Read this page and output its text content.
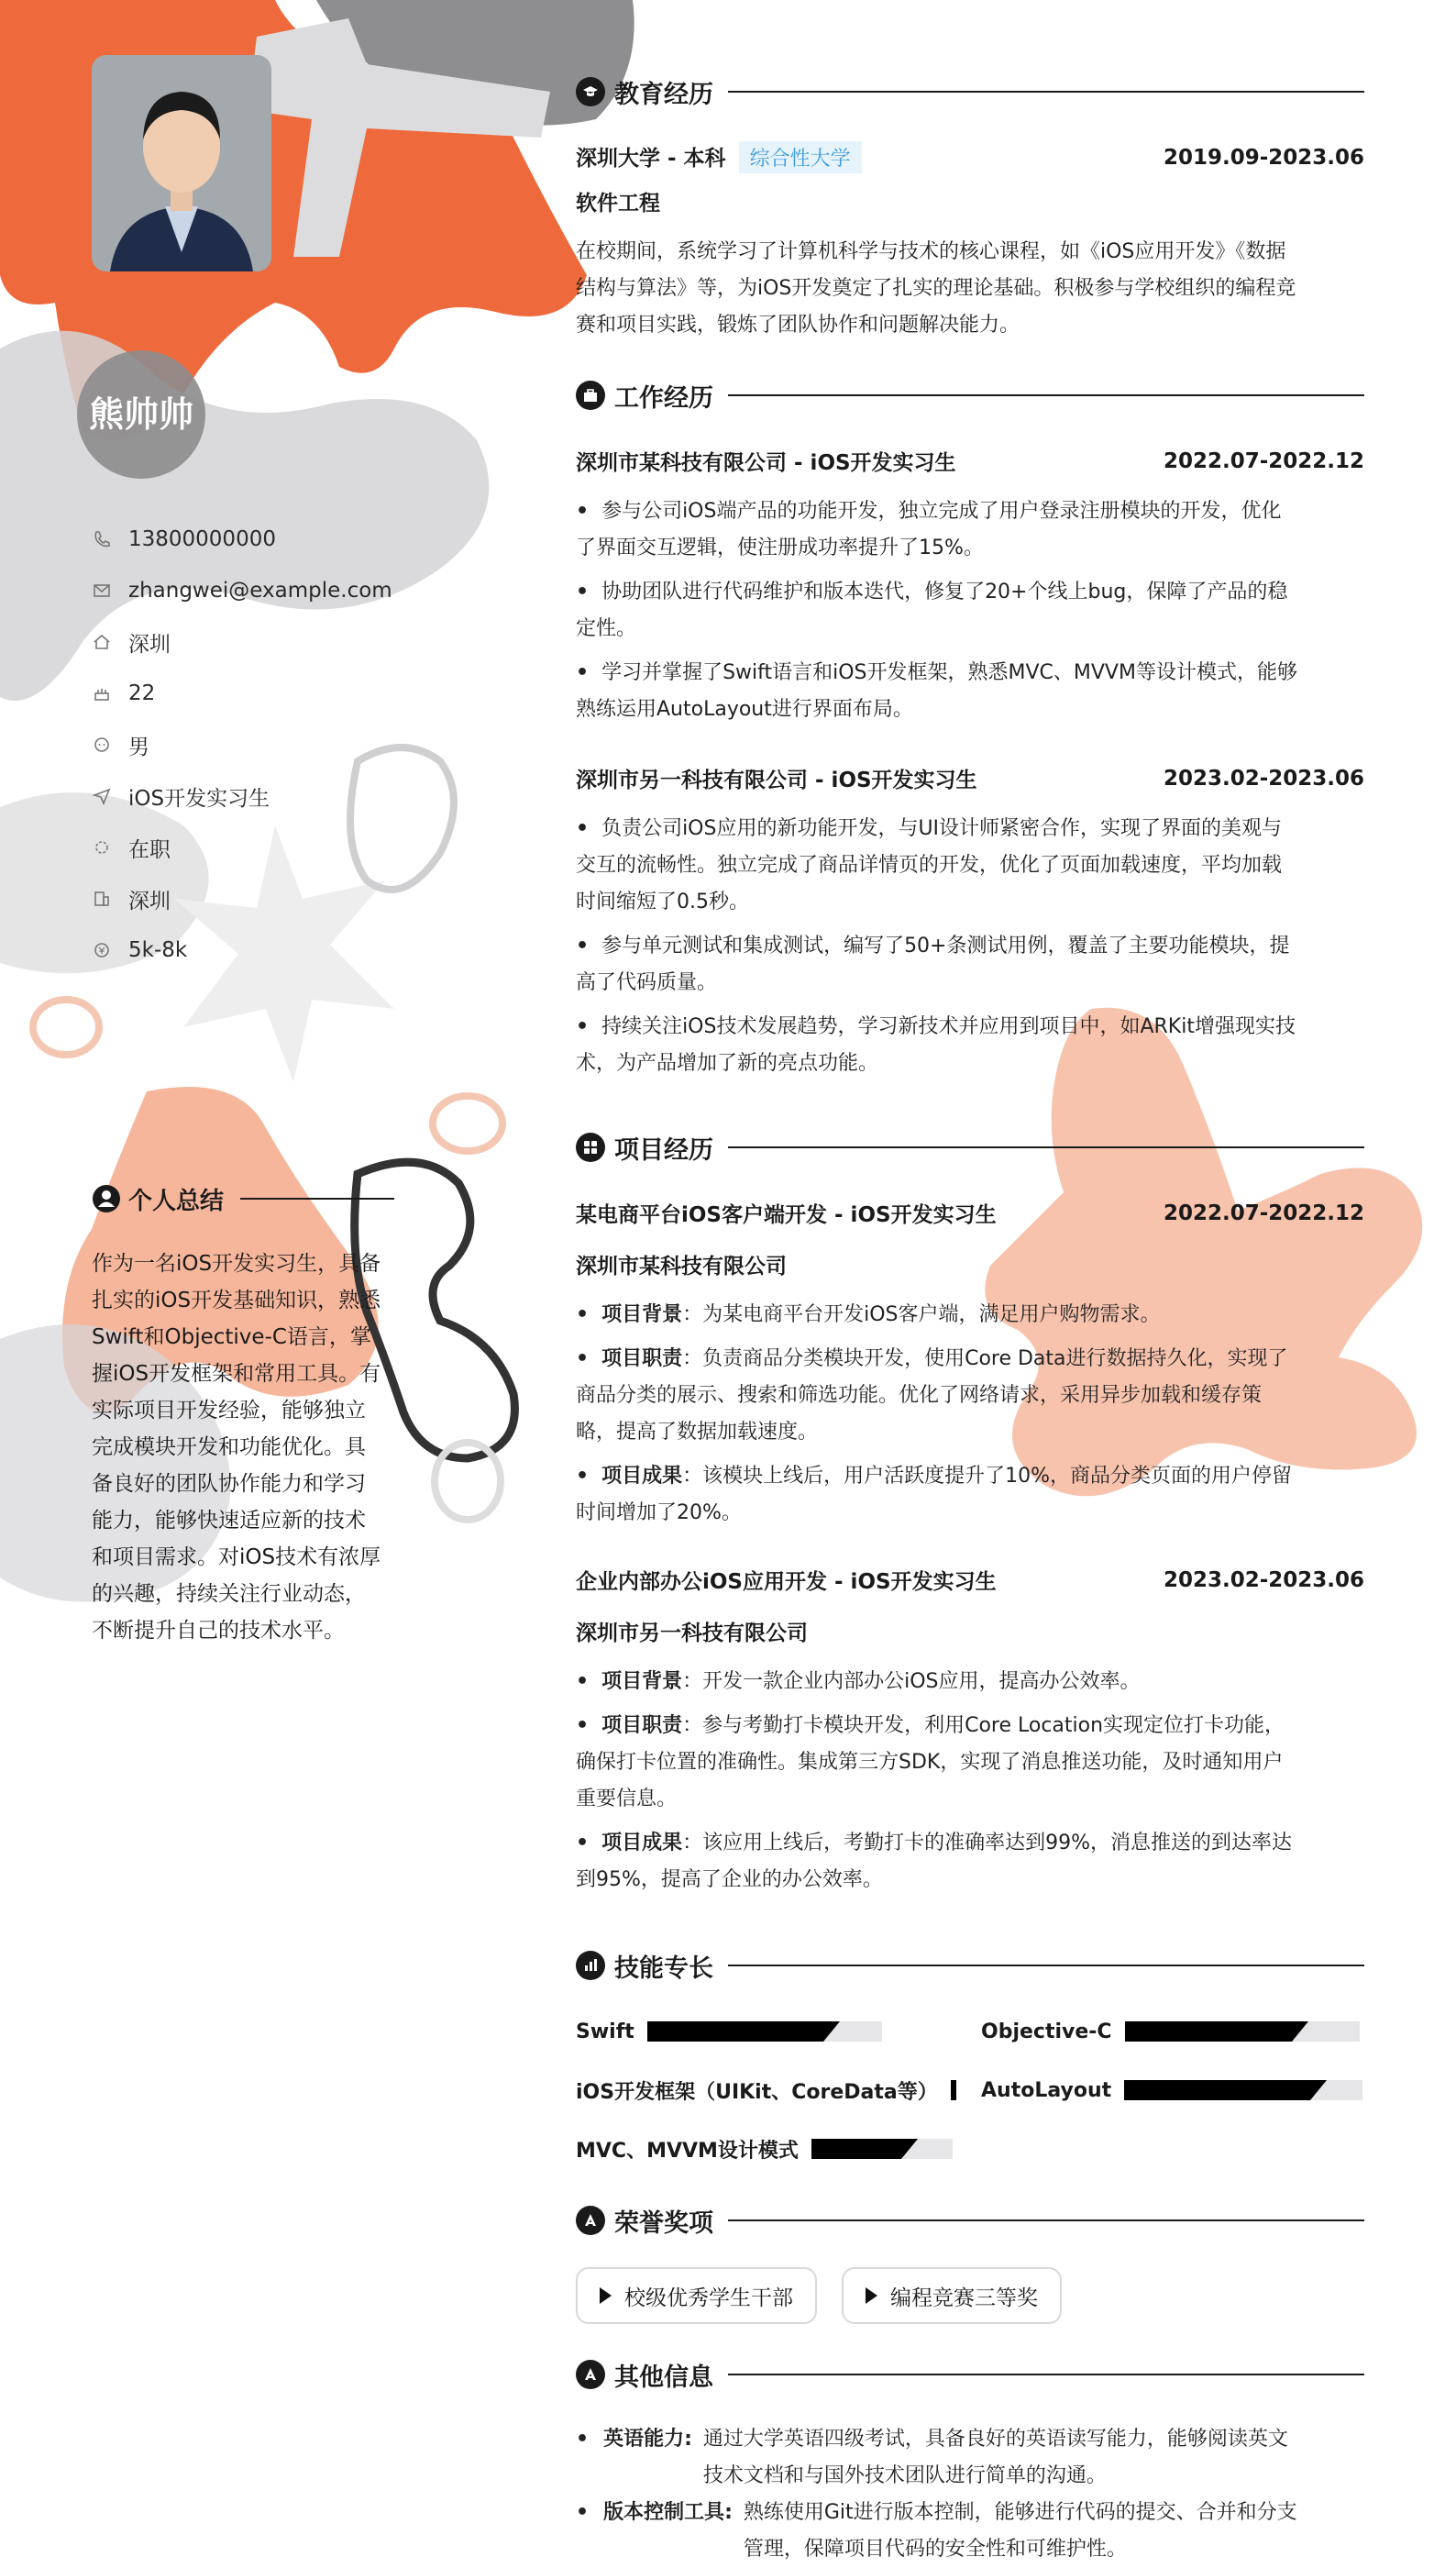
熊帅帅
13800000000
zhangwei@example.com
深圳
22
男
iOS开发实习生
在职
深圳
5k-8k
个人总结
作为一名iOS开发实习生，具备
扎实的iOS开发基础知识，熟悉
Swift和Objective-C语言，掌
握iOS开发框架和常用工具。有
实际项目开发经验，能够独立
完成模块开发和功能优化。具
备良好的团队协作能力和学习
能力，能够快速适应新的技术
和项目需求。对iOS技术有浓厚
的兴趣，持续关注行业动态，
不断提升自己的技术水平。
教育经历
深圳大学 - 本科 综合性大学	2019.09-2023.06
软件工程
在校期间，系统学习了计算机科学与技术的核心课程，如《iOS应用开发》《数据
结构与算法》等，为iOS开发奠定了扎实的理论基础。积极参与学校组织的编程竞
赛和项目实践，锻炼了团队协作和问题解决能力。
工作经历
深圳市某科技有限公司 - iOS开发实习生	2022.07-2022.12
• 参与公司iOS端产品的功能开发，独立完成了用户登录注册模块的开发，优化
了界面交互逻辑，使注册成功率提升了15%。
• 协助团队进行代码维护和版本迭代，修复了20+个线上bug，保障了产品的稳
定性。
• 学习并掌握了Swift语言和iOS开发框架，熟悉MVC、MVVM等设计模式，能够
熟练运用AutoLayout进行界面布局。
深圳市另一科技有限公司 - iOS开发实习生	2023.02-2023.06
• 负责公司iOS应用的新功能开发，与UI设计师紧密合作，实现了界面的美观与
交互的流畅性。独立完成了商品详情页的开发，优化了页面加载速度，平均加载
时间缩短了0.5秒。
• 参与单元测试和集成测试，编写了50+条测试用例，覆盖了主要功能模块，提
高了代码质量。
• 持续关注iOS技术发展趋势，学习新技术并应用到项目中，如ARKit增强现实技
术，为产品增加了新的亮点功能。
项目经历
某电商平台iOS客户端开发 - iOS开发实习生	2022.07-2022.12
深圳市某科技有限公司
• 项目背景：为某电商平台开发iOS客户端，满足用户购物需求。
• 项目职责：负责商品分类模块开发，使用Core Data进行数据持久化，实现了
商品分类的展示、搜索和筛选功能。优化了网络请求，采用异步加载和缓存策
略，提高了数据加载速度。
• 项目成果：该模块上线后，用户活跃度提升了10%，商品分类页面的用户停留
时间增加了20%。
企业内部办公iOS应用开发 - iOS开发实习生	2023.02-2023.06
深圳市另一科技有限公司
• 项目背景：开发一款企业内部办公iOS应用，提高办公效率。
• 项目职责：参与考勤打卡模块开发，利用Core Location实现定位打卡功能，
确保打卡位置的准确性。集成第三方SDK，实现了消息推送功能，及时通知用户
重要信息。
• 项目成果：该应用上线后，考勤打卡的准确率达到99%，消息推送的到达率达
到95%，提高了企业的办公效率。
技能专长
Swift	Objective-C
iOS开发框架（UIKit、CoreData等） AutoLayout
MVC、MVVM设计模式
荣誉奖项
校级优秀学生干部	编程竞赛三等奖
其他信息
• 英语能力: 通过大学英语四级考试，具备良好的英语读写能力，能够阅读英文
技术文档和与国外技术团队进行简单的沟通。
• 版本控制工具: 熟练使用Git进行版本控制，能够进行代码的提交、合并和分支
管理，保障项目代码的安全性和可维护性。
